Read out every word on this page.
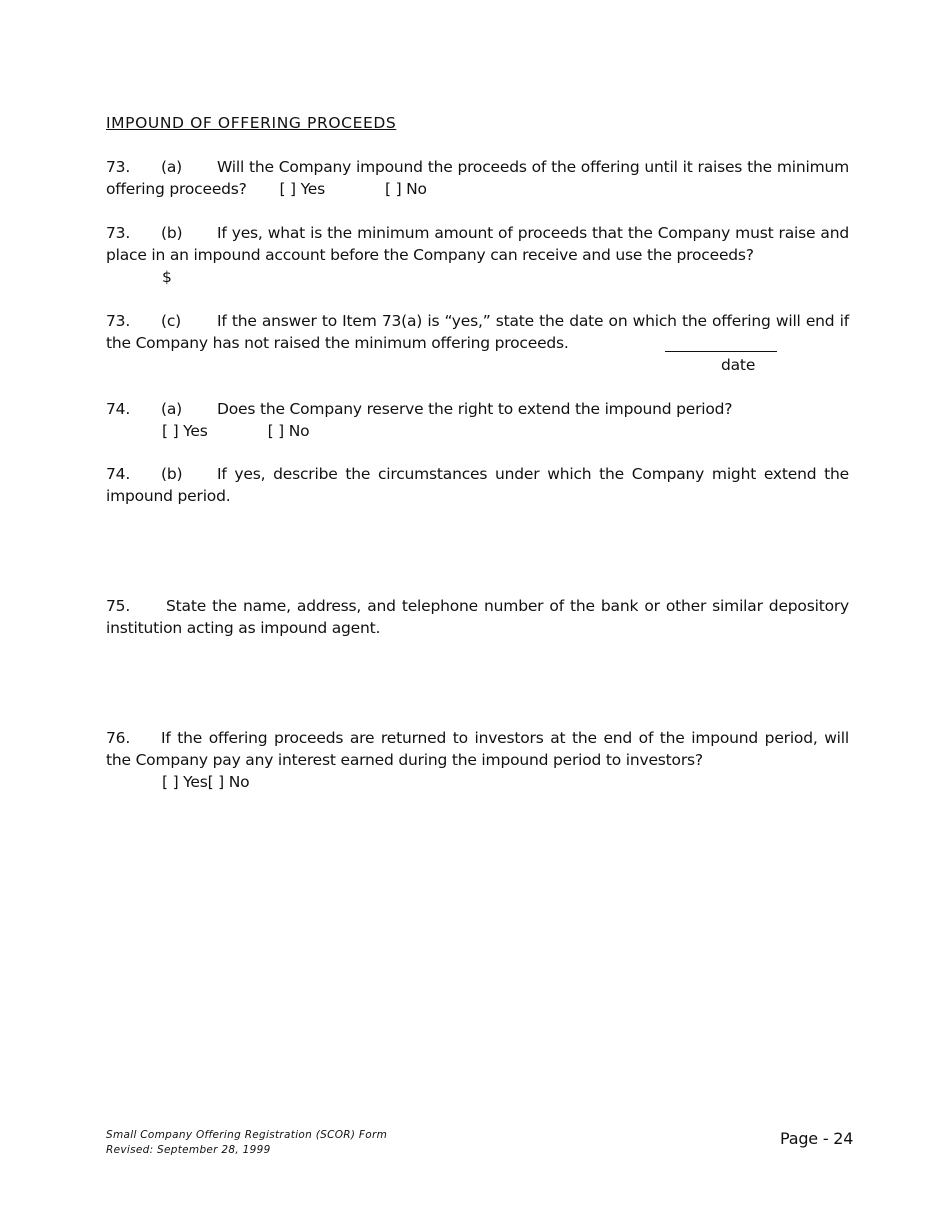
IMPOUND OF OFFERING PROCEEDS

73. (a) Will the Company impound the proceeds of the offering until it raises the minimum offering proceeds? [ ] Yes	[ ] No

73. (b) If yes, what is the minimum amount of proceeds that the Company must raise and place in an impound account before the Company can receive and use the proceeds?

$

73. (c) If the answer to Item 73(a) is “yes,” state the date on which the offering will end if the Company has not raised the minimum offering proceeds.

date

74. (a) Does the Company reserve the right to extend the impound period?

[ ] Yes	[ ] No

74. (b) If yes, describe the circumstances under which the Company might extend the impound period.

75. State the name, address, and telephone number of the bank or other similar depository institution acting as impound agent.

76. If the offering proceeds are returned to investors at the end of the impound period, will the Company pay any interest earned during the impound period to investors?

[ ] Yes[ ] No

Small Company Offering Registration (SCOR) Form
Revised: September 28, 1999
Page - 24
